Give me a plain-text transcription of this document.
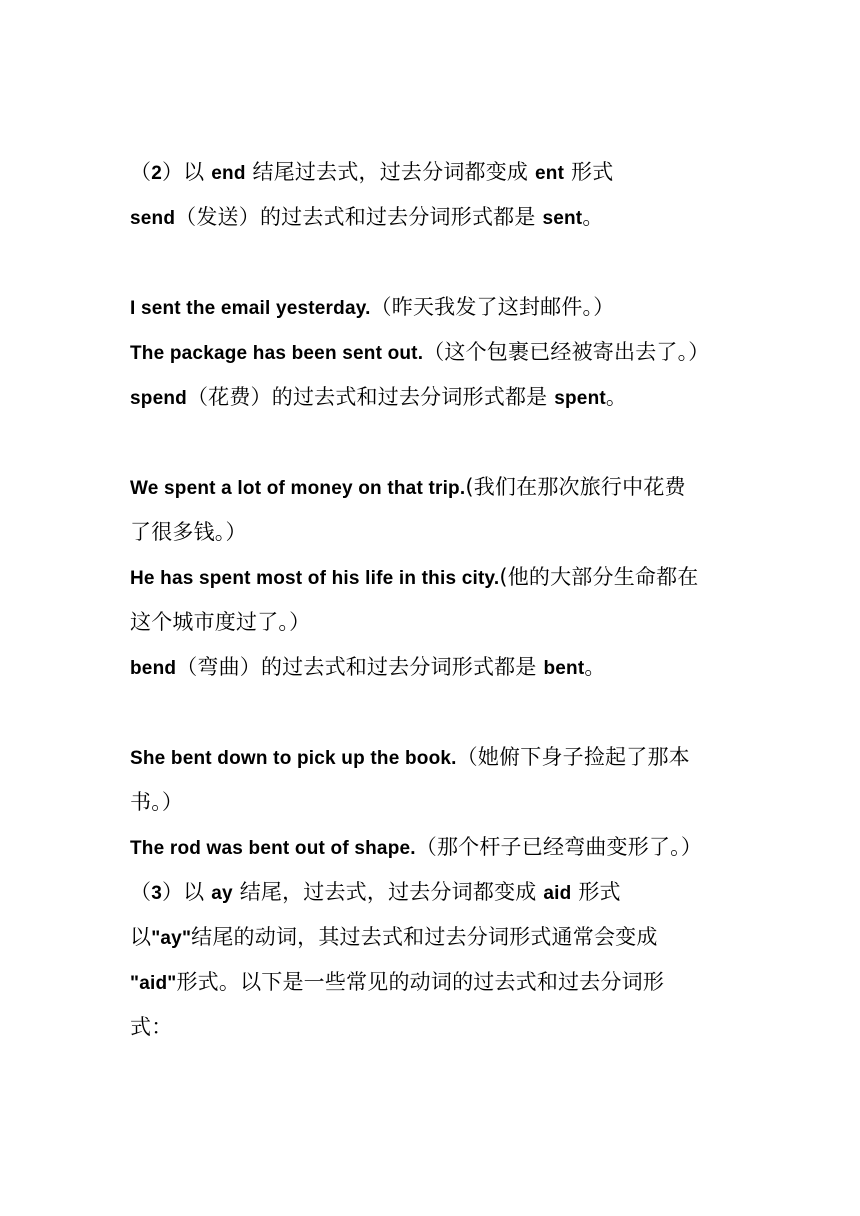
（2）以 end 结尾过去式，过去分词都变成 ent 形式
send（发送）的过去式和过去分词形式都是 sent。
I sent the email yesterday.（昨天我发了这封邮件。）
The package has been sent out.（这个包裹已经被寄出去了。）
spend（花费）的过去式和过去分词形式都是 spent。
We spent a lot of money on that trip.(我们在那次旅行中花费
了很多钱。）
He has spent most of his life in this city.(他的大部分生命都在
这个城市度过了。）
bend（弯曲）的过去式和过去分词形式都是 bent。
She bent down to pick up the book.（她俯下身子捡起了那本
书。）
The rod was bent out of shape.（那个杆子已经弯曲变形了。）
（3）以 ay 结尾，过去式，过去分词都变成 aid 形式
以"ay"结尾的动词，其过去式和过去分词形式通常会变成
"aid"形式。以下是一些常见的动词的过去式和过去分词形
式：
